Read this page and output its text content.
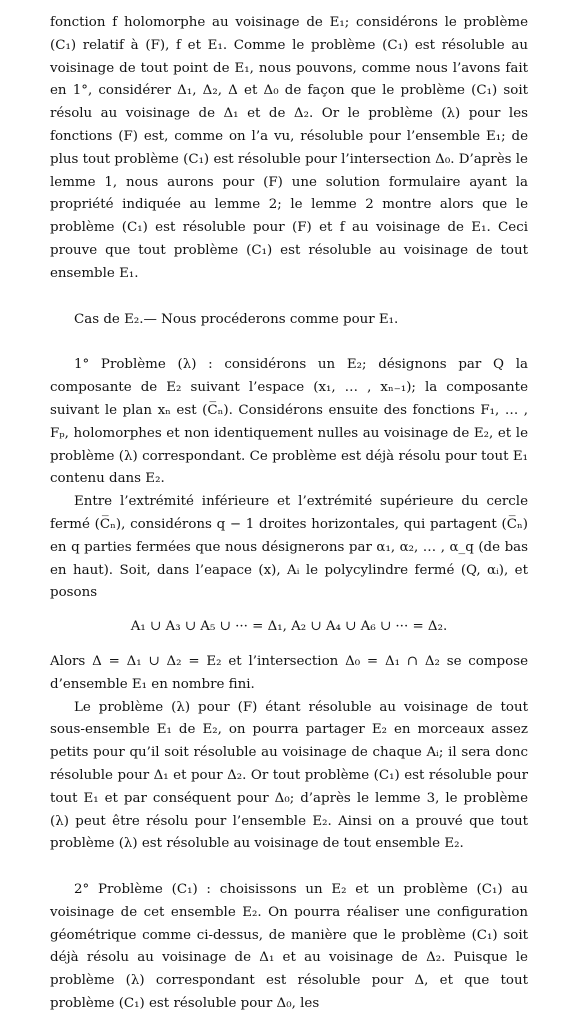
fonction f holomorphe au voisinage de E₁; considérons le problème (C₁) relatif à (F), f et E₁. Comme le problème (C₁) est résoluble au voisinage de tout point de E₁, nous pouvons, comme nous l’avons fait en 1°, considérer Δ₁, Δ₂, Δ et Δ₀ de façon que le problème (C₁) soit résolu au voisinage de Δ₁ et de Δ₂. Or le problème (λ) pour les fonctions (F) est, comme on l’a vu, résoluble pour l’ensemble E₁; de plus tout problème (C₁) est résoluble pour l’intersection Δ₀. D’après le lemme 1, nous aurons pour (F) une solution formulaire ayant la propriété indiquée au lemme 2; le lemme 2 montre alors que le problème (C₁) est résoluble pour (F) et f au voisinage de E₁. Ceci prouve que tout problème (C₁) est résoluble au voisinage de tout ensemble E₁.

Cas de E₂.— Nous procéderons comme pour E₁.

1° Problème (λ) : considérons un E₂; désignons par Q la composante de E₂ suivant l’espace (x₁, … , xₙ₋₁); la composante suivant le plan xₙ est (C̅ₙ). Considérons ensuite des fonctions F₁, … , Fₚ, holomorphes et non identiquement nulles au voisinage de E₂, et le problème (λ) correspondant. Ce problème est déjà résolu pour tout E₁ contenu dans E₂.

Entre l’extrémité inférieure et l’extrémité supérieure du cercle fermé (C̅ₙ), considérons q − 1 droites horizontales, qui partagent (C̅ₙ) en q parties fermées que nous désignerons par α₁, α₂, … , α_q (de bas en haut). Soit, dans l’eapace (x), Aᵢ le polycylindre fermé (Q, αᵢ), et posons

A₁ ∪ A₃ ∪ A₅ ∪ ··· = Δ₁, A₂ ∪ A₄ ∪ A₆ ∪ ··· = Δ₂.

Alors Δ = Δ₁ ∪ Δ₂ = E₂ et l’intersection Δ₀ = Δ₁ ∩ Δ₂ se compose d’ensemble E₁ en nombre fini.

Le problème (λ) pour (F) étant résoluble au voisinage de tout sous-ensemble E₁ de E₂, on pourra partager E₂ en morceaux assez petits pour qu’il soit résoluble au voisinage de chaque Aᵢ; il sera donc résoluble pour Δ₁ et pour Δ₂. Or tout problème (C₁) est résoluble pour tout E₁ et par conséquent pour Δ₀; d’après le lemme 3, le problème (λ) peut être résolu pour l’ensemble E₂. Ainsi on a prouvé que tout problème (λ) est résoluble au voisinage de tout ensemble E₂.

2° Problème (C₁) : choisissons un E₂ et un problème (C₁) au voisinage de cet ensemble E₂. On pourra réaliser une configuration géométrique comme ci-dessus, de manière que le problème (C₁) soit déjà résolu au voisinage de Δ₁ et au voisinage de Δ₂. Puisque le problème (λ) correspondant est résoluble pour Δ, et que tout problème (C₁) est résoluble pour Δ₀, les
